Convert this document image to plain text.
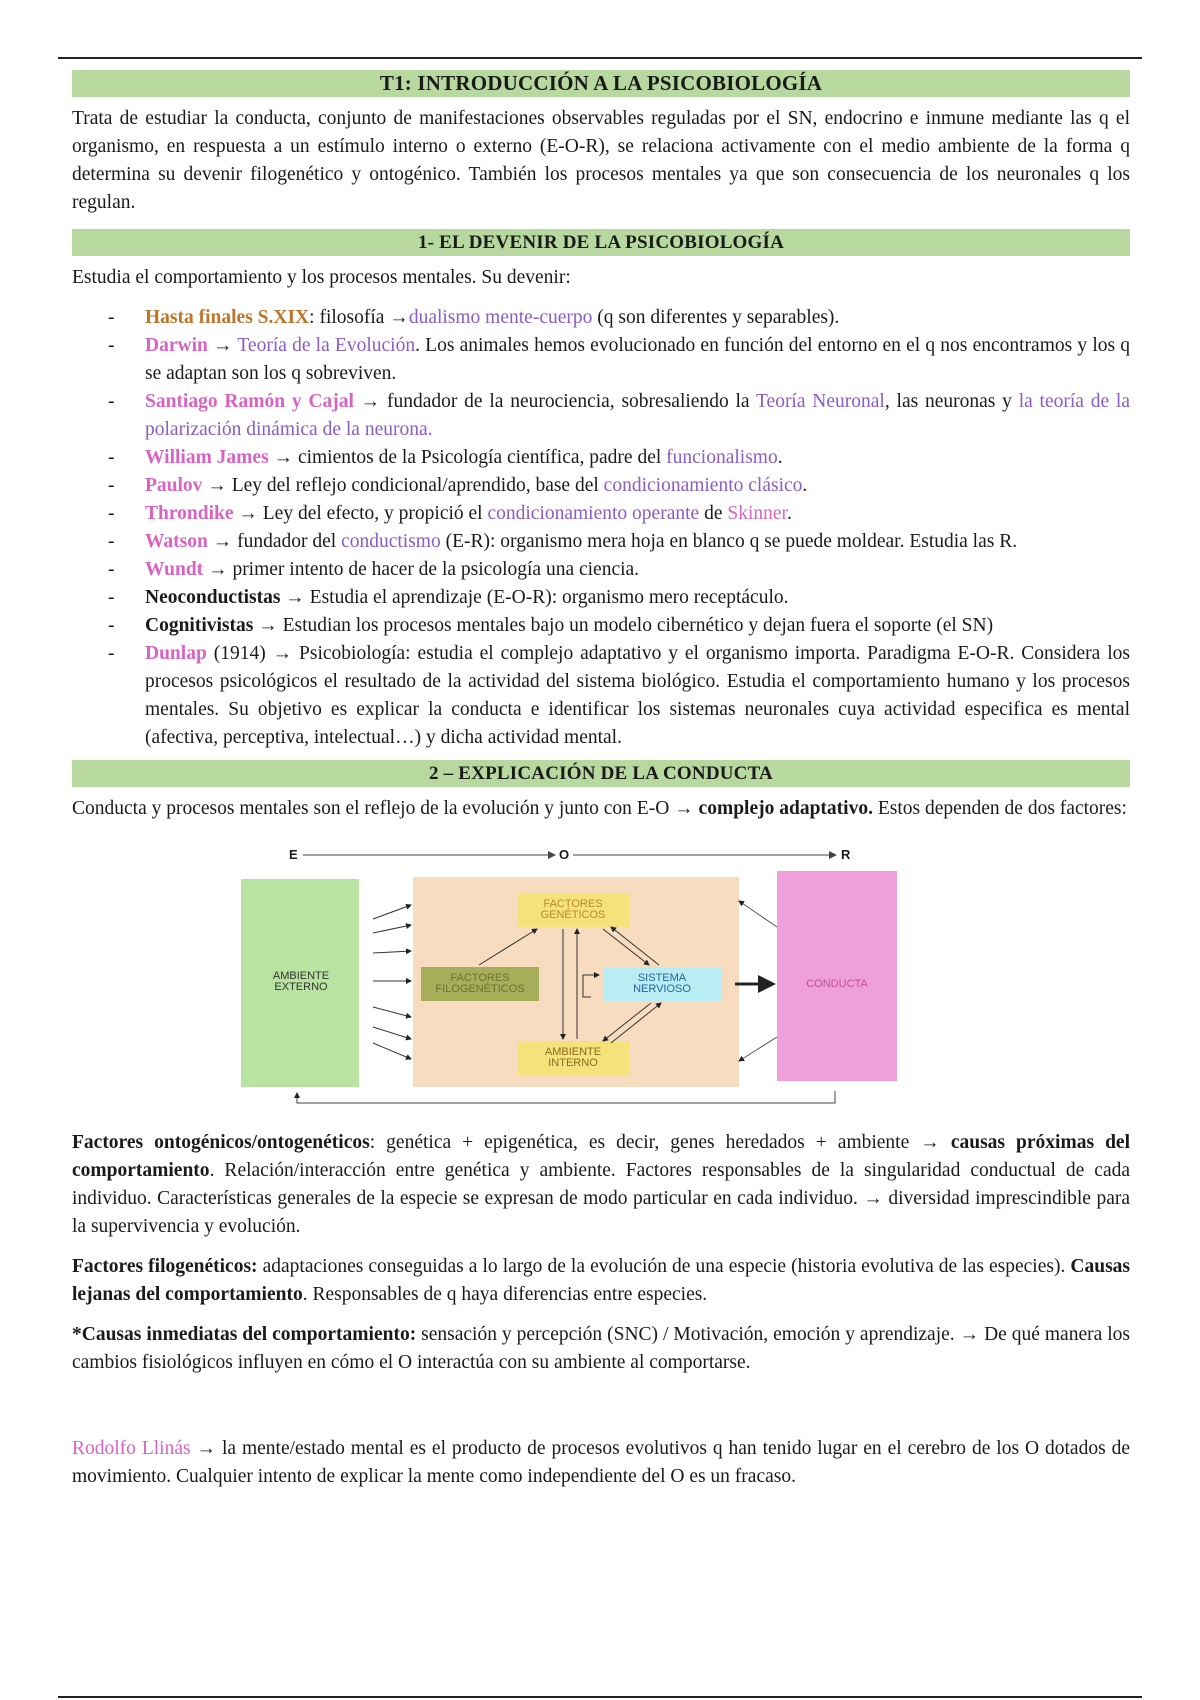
T1: INTRODUCCIÓN A LA PSICOBIOLOGÍA

Trata de estudiar la conducta, conjunto de manifestaciones observables reguladas por el SN, endocrino e inmune mediante las q el organismo, en respuesta a un estímulo interno o externo (E-O-R), se relaciona activamente con el medio ambiente de la forma q determina su devenir filogenético y ontogénico. También los procesos mentales ya que son consecuencia de los neuronales q los regulan.

1- EL DEVENIR DE LA PSICOBIOLOGÍA

Estudia el comportamiento y los procesos mentales. Su devenir:

- Hasta finales S.XIX: filosofía →dualismo mente-cuerpo (q son diferentes y separables).
- Darwin → Teoría de la Evolución. Los animales hemos evolucionado en función del entorno en el q nos encontramos y los q se adaptan son los q sobreviven.
- Santiago Ramón y Cajal → fundador de la neurociencia, sobresaliendo la Teoría Neuronal, las neuronas y la teoría de la polarización dinámica de la neurona.
- William James → cimientos de la Psicología científica, padre del funcionalismo.
- Paulov → Ley del reflejo condicional/aprendido, base del condicionamiento clásico.
- Throndike → Ley del efecto, y propició el condicionamiento operante de Skinner.
- Watson → fundador del conductismo (E-R): organismo mera hoja en blanco q se puede moldear. Estudia las R.
- Wundt → primer intento de hacer de la psicología una ciencia.
- Neoconductistas → Estudia el aprendizaje (E-O-R): organismo mero receptáculo.
- Cognitivistas → Estudian los procesos mentales bajo un modelo cibernético y dejan fuera el soporte (el SN)
- Dunlap (1914) → Psicobiología: estudia el complejo adaptativo y el organismo importa. Paradigma E-O-R. Considera los procesos psicológicos el resultado de la actividad del sistema biológico. Estudia el comportamiento humano y los procesos mentales. Su objetivo es explicar la conducta e identificar los sistemas neuronales cuya actividad especifica es mental (afectiva, perceptiva, intelectual…) y dicha actividad mental.
2 – EXPLICACIÓN DE LA CONDUCTA

Conducta y procesos mentales son el reflejo de la evolución y junto con E-O → complejo adaptativo. Estos dependen de dos factores:

E	O	R
AMBIENTE EXTERNO
FACTORES GENÉTICOS
FACTORES FILOGENÉTICOS
SISTEMA NERVIOSO
AMBIENTE INTERNO
CONDUCTA

Factores ontogénicos/ontogenéticos: genética + epigenética, es decir, genes heredados + ambiente → causas próximas del comportamiento. Relación/interacción entre genética y ambiente. Factores responsables de la singularidad conductual de cada individuo. Características generales de la especie se expresan de modo particular en cada individuo. → diversidad imprescindible para la supervivencia y evolución.

Factores filogenéticos: adaptaciones conseguidas a lo largo de la evolución de una especie (historia evolutiva de las especies). Causas lejanas del comportamiento. Responsables de q haya diferencias entre especies.

*Causas inmediatas del comportamiento: sensación y percepción (SNC) / Motivación, emoción y aprendizaje. → De qué manera los cambios fisiológicos influyen en cómo el O interactúa con su ambiente al comportarse.

Rodolfo Llinás → la mente/estado mental es el producto de procesos evolutivos q han tenido lugar en el cerebro de los O dotados de movimiento. Cualquier intento de explicar la mente como independiente del O es un fracaso.
